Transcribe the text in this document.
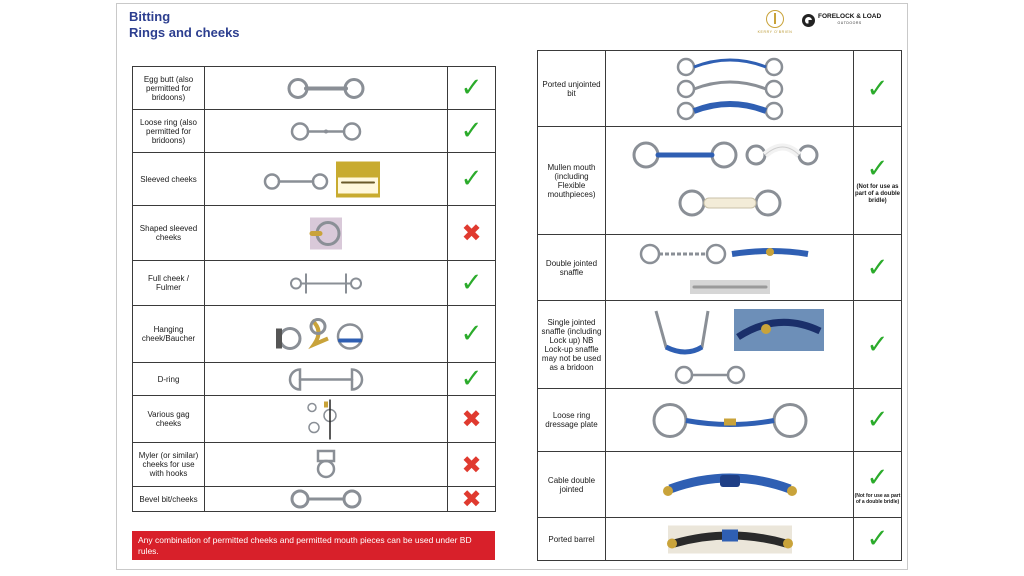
Bitting
Rings and cheeks	KERRY O'BRIEN
FORELOCK & LOAD
OUTDOORS
Egg butt (also permitted for bridoons)		✓
Loose ring (also permitted for bridoons)		✓
Sleeved cheeks		✓
Shaped sleeved cheeks		✖
Full cheek / Fulmer		✓
Hanging cheek/Baucher		✓
D-ring		✓
Various gag cheeks		✖
Myler (or similar) cheeks for use with hooks		✖
Bevel bit/cheeks		✖
Ported unjointed bit		✓
Mullen mouth (including Flexible mouthpieces)		✓
(Not for use as part of a double bridle)

Double jointed snaffle		✓
Single jointed snaffle (including Lock up) NB Lock-up snaffle may not be used as a bridoon		✓
Loose ring dressage plate		✓
Cable double jointed		✓
(Not for use as part of a double bridle)

Ported barrel		✓
Any combination of permitted cheeks and permitted mouth pieces can be used under BD rules.
